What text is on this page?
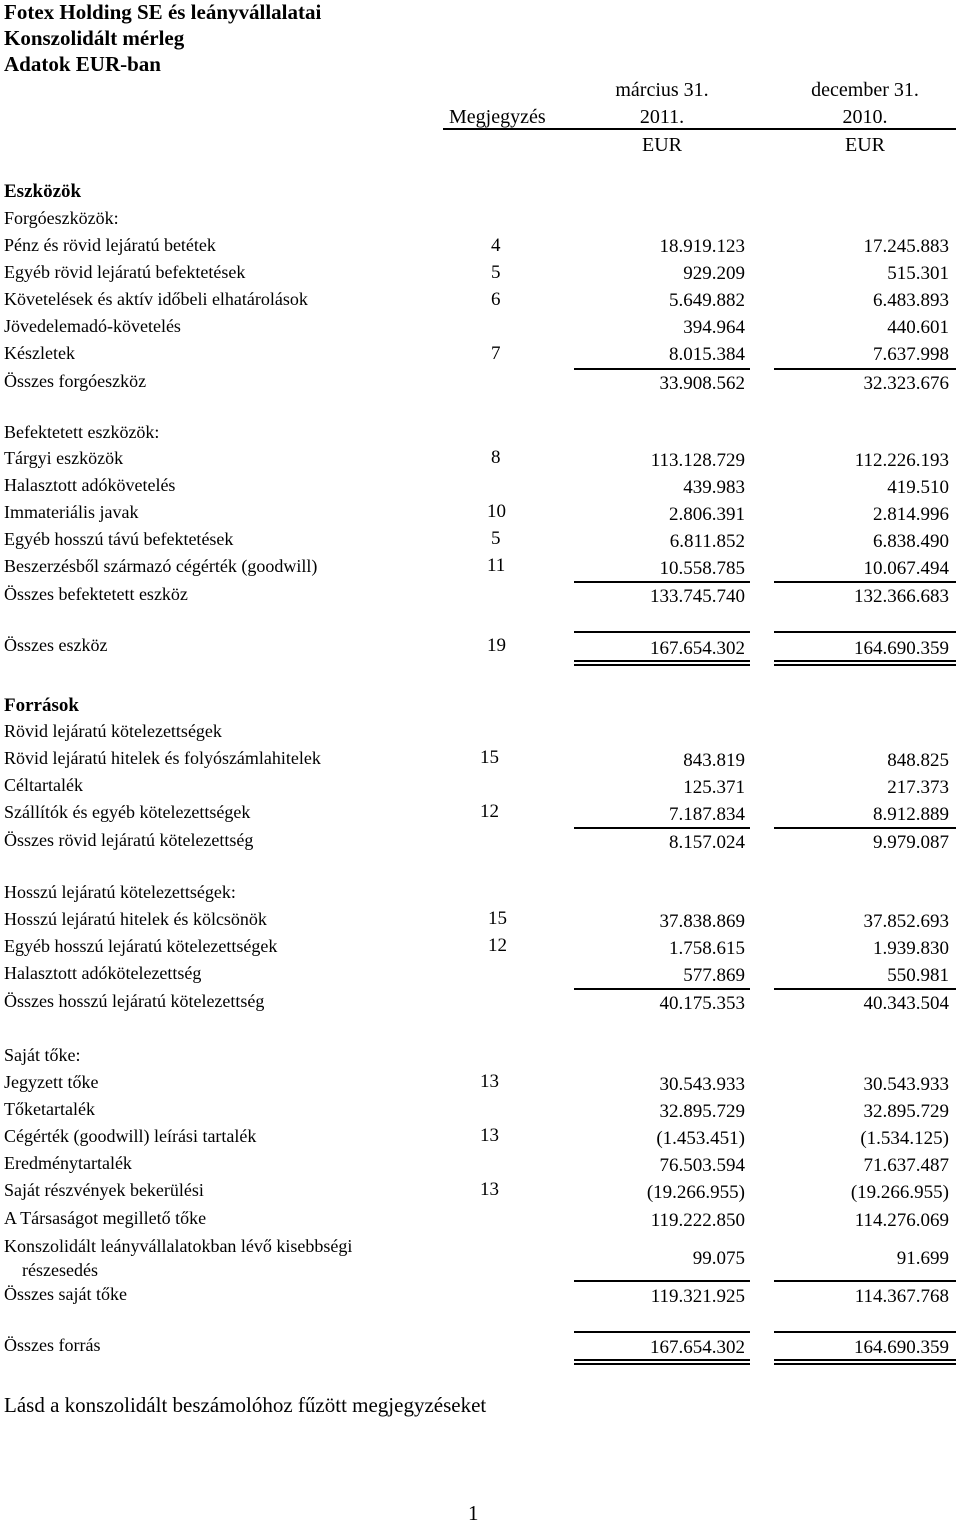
Fotex Holding SE és leányvállalatai
Konszolidált mérleg
Adatok EUR-ban
március 31.	december 31.
Megjegyzés	2011.	2010.
EUR	EUR
Eszközök
Forgóeszközök:
Pénz és rövid lejáratú betétek	4	18.919.123	17.245.883
Egyéb rövid lejáratú befektetések	5	929.209	515.301
Követelések és aktív időbeli elhatárolások	6	5.649.882	6.483.893
Jövedelemadó-követelés	394.964	440.601
Készletek	7	8.015.384	7.637.998
Összes forgóeszköz	33.908.562	32.323.676
Befektetett eszközök:
Tárgyi eszközök	8	113.128.729	112.226.193
Halasztott adókövetelés	439.983	419.510
Immateriális javak	10	2.806.391	2.814.996
Egyéb hosszú távú befektetések	5	6.811.852	6.838.490
Beszerzésből származó cégérték (goodwill)	11	10.558.785	10.067.494
Összes befektetett eszköz	133.745.740	132.366.683
Összes eszköz	19	167.654.302	164.690.359
Források
Rövid lejáratú kötelezettségek
Rövid lejáratú hitelek és folyószámlahitelek	15	843.819	848.825
Céltartalék	125.371	217.373
Szállítók és egyéb kötelezettségek	12	7.187.834	8.912.889
Összes rövid lejáratú kötelezettség	8.157.024	9.979.087
Hosszú lejáratú kötelezettségek:
Hosszú lejáratú hitelek és kölcsönök	15	37.838.869	37.852.693
Egyéb hosszú lejáratú kötelezettségek	12	1.758.615	1.939.830
Halasztott adókötelezettség	577.869	550.981
Összes hosszú lejáratú kötelezettség	40.175.353	40.343.504
Saját tőke:
Jegyzett tőke	13	30.543.933	30.543.933
Tőketartalék	32.895.729	32.895.729
Cégérték (goodwill) leírási tartalék	13	(1.453.451)	(1.534.125)
Eredménytartalék	76.503.594	71.637.487
Saját részvények bekerülési	13	(19.266.955)	(19.266.955)
A Társaságot megillető tőke	119.222.850	114.276.069
Konszolidált leányvállalatokban lévő kisebbségi
részesedés
99.075	91.699
Összes saját tőke	119.321.925	114.367.768
Összes forrás	167.654.302	164.690.359
Lásd a konszolidált beszámolóhoz fűzött megjegyzéseket
1
